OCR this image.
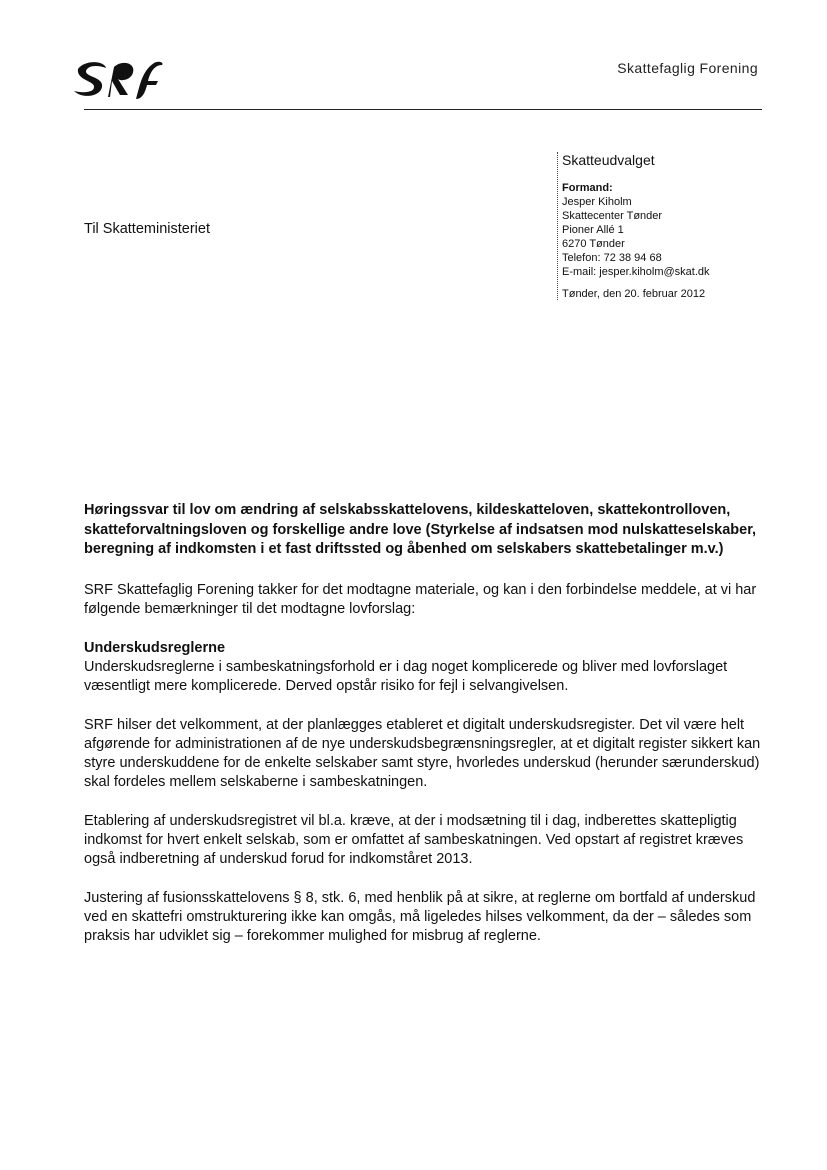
Skattefaglig Forening
Skatteudvalget
Formand:
Jesper Kiholm
Skattecenter Tønder
Pioner Allé 1
6270 Tønder
Telefon: 72 38 94 68
E-mail: jesper.kiholm@skat.dk
Tønder, den 20. februar 2012
Til Skatteministeriet

Høringssvar til lov om ændring af selskabsskattelovens, kildeskatteloven, skattekontrolloven, skatteforvaltningsloven og forskellige andre love (Styrkelse af indsatsen mod nulskatteselskaber, beregning af indkomsten i et fast driftssted og åbenhed om selskabers skattebetalinger m.v.)

SRF Skattefaglig Forening takker for det modtagne materiale, og kan i den forbindelse meddele, at vi har følgende bemærkninger til det modtagne lovforslag:

Underskudsreglerne

Underskudsreglerne i sambeskatningsforhold er i dag noget komplicerede og bliver med lovforslaget væsentligt mere komplicerede. Derved opstår risiko for fejl i selvangivelsen.

SRF hilser det velkomment, at der planlægges etableret et digitalt underskudsregister. Det vil være helt afgørende for administrationen af de nye underskudsbegrænsningsregler, at et digitalt register sikkert kan styre underskuddene for de enkelte selskaber samt styre, hvorledes underskud (herunder særunderskud) skal fordeles mellem selskaberne i sambeskatningen.

Etablering af underskudsregistret vil bl.a. kræve, at der i modsætning til i dag, indberettes skattepligtig indkomst for hvert enkelt selskab, som er omfattet af sambeskatningen. Ved opstart af registret kræves også indberetning af underskud forud for indkomståret 2013.

Justering af fusionsskattelovens § 8, stk. 6, med henblik på at sikre, at reglerne om bortfald af underskud ved en skattefri omstrukturering ikke kan omgås, må ligeledes hilses velkomment, da der – således som praksis har udviklet sig – forekommer mulighed for misbrug af reglerne.
